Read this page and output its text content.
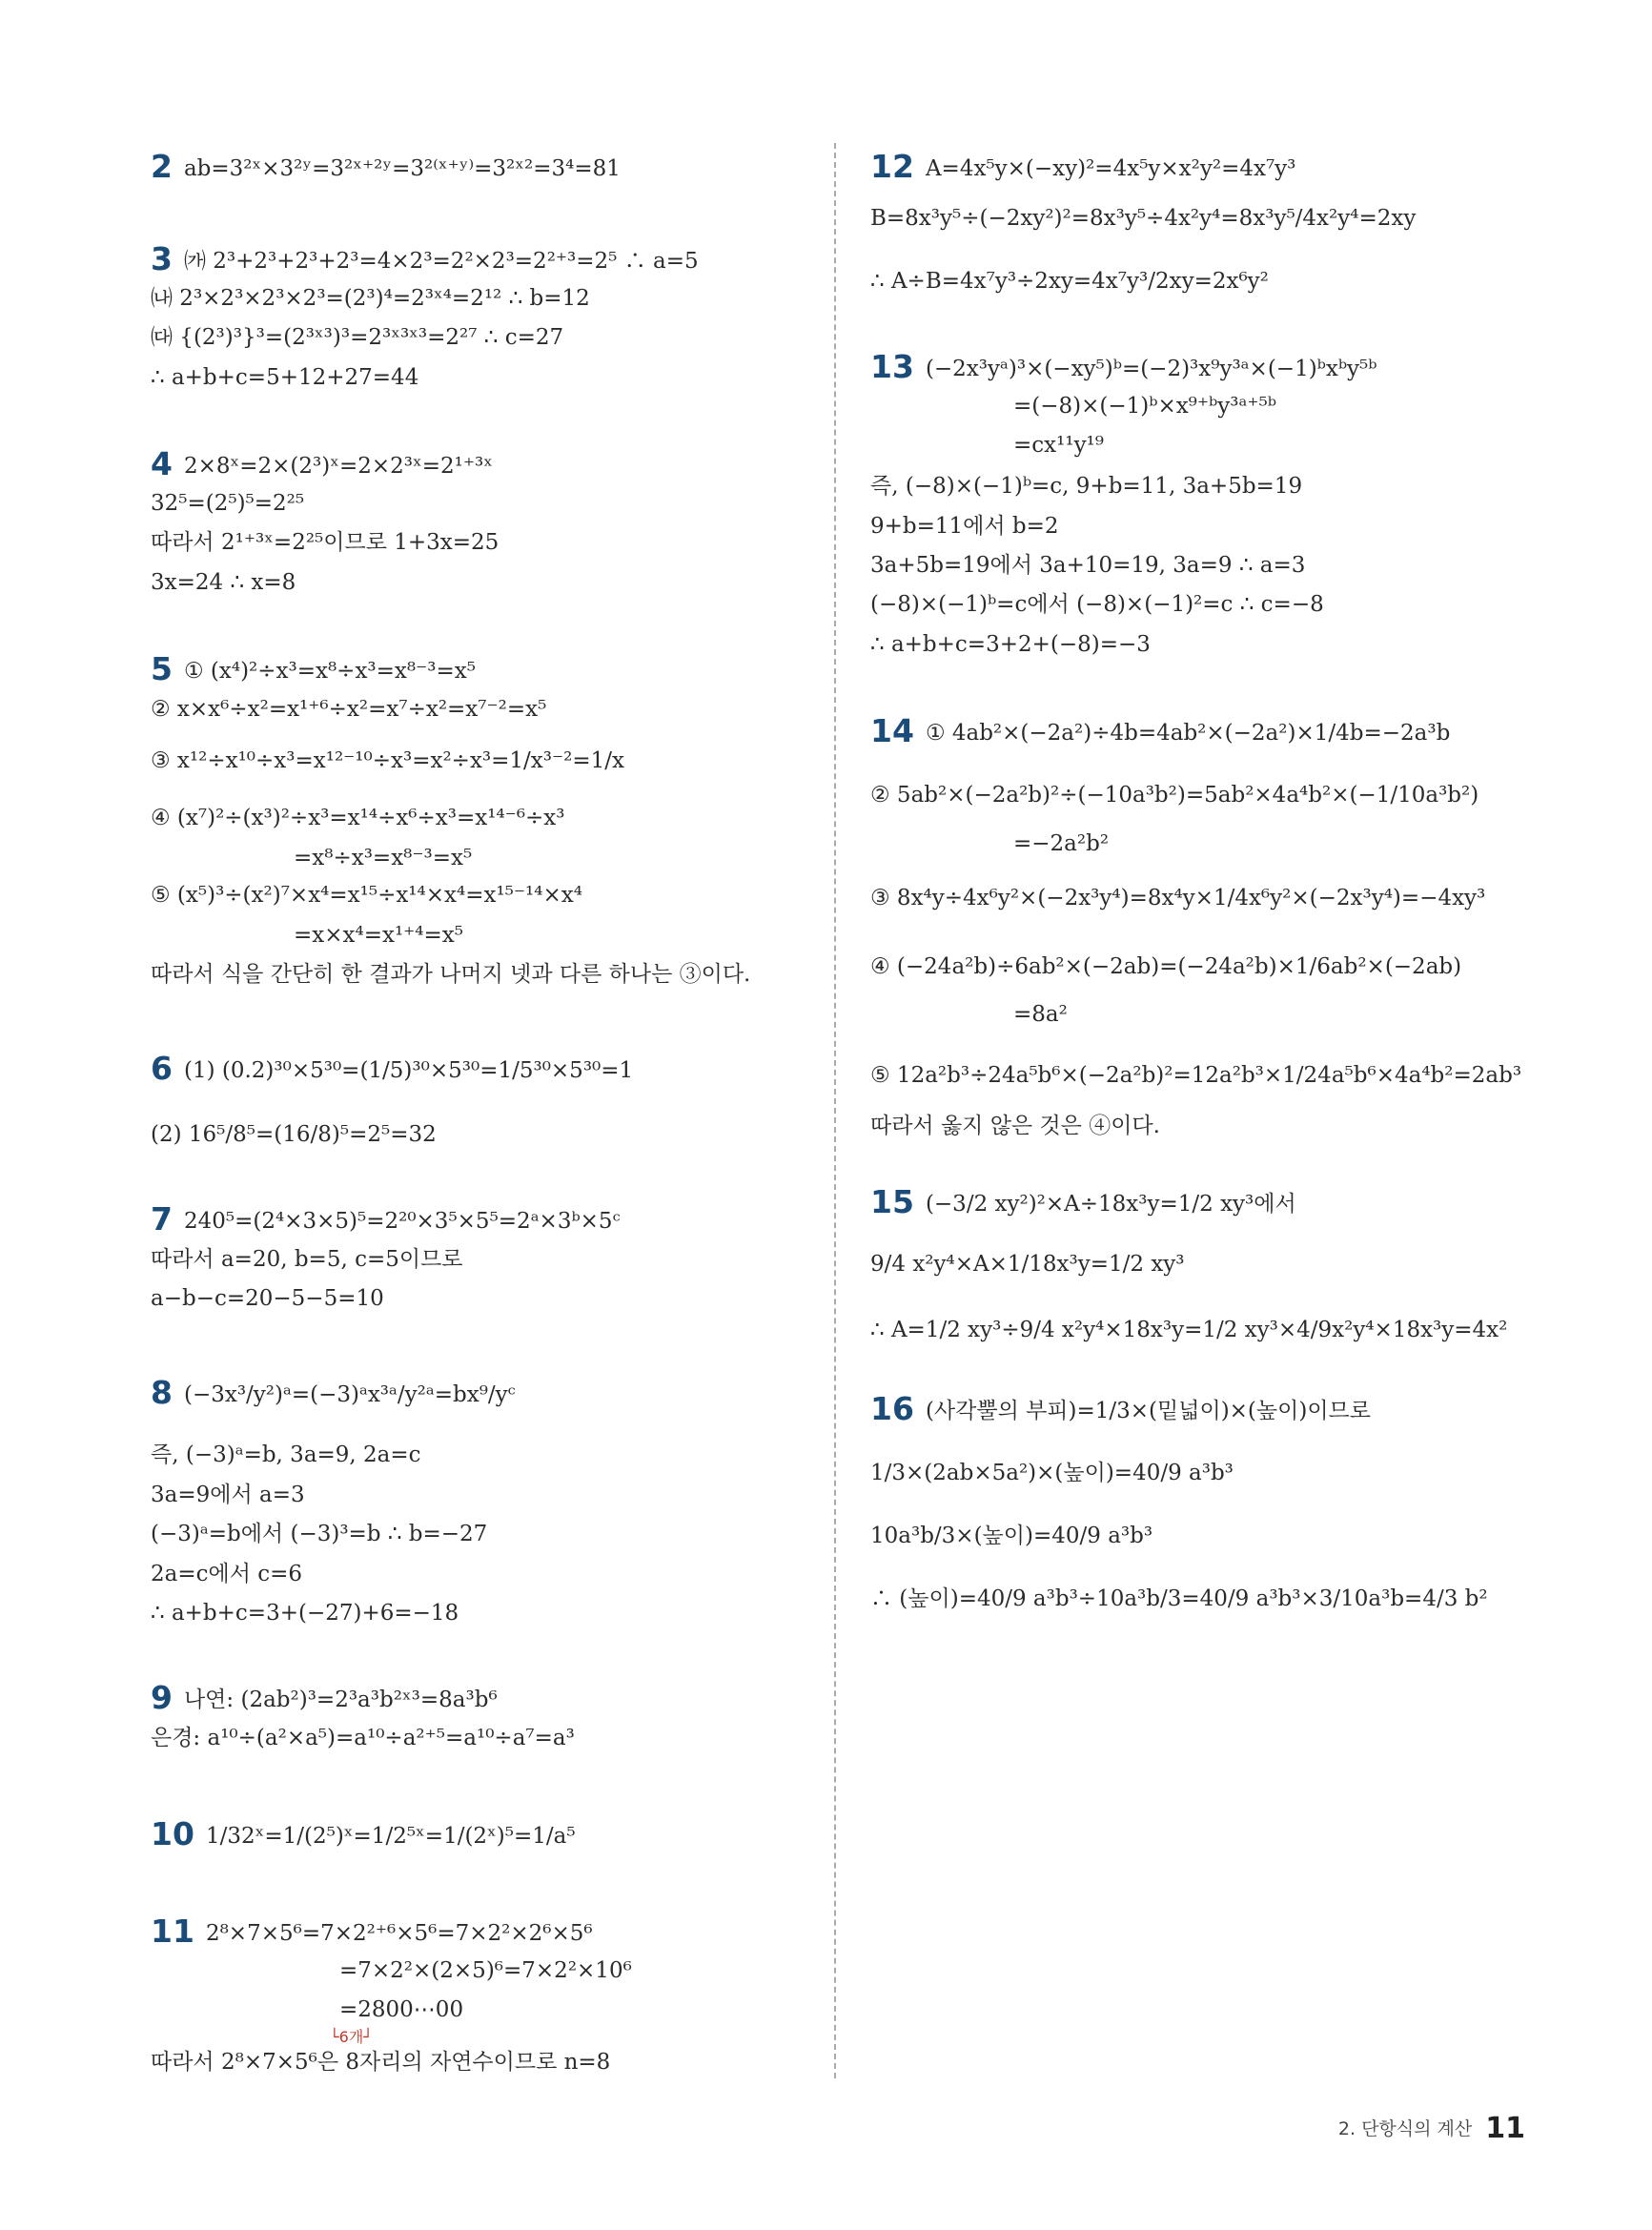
2 ab=3²ˣ×3²ʸ=3²ˣ⁺²ʸ=3²⁽ˣ⁺ʸ⁾=3²ˣ²=3⁴=81
3 ㈎ 2³+2³+2³+2³=4×2³=2²×2³=2²⁺³=2⁵ ∴ a=5
㈏ 2³×2³×2³×2³=(2³)⁴=2³ˣ⁴=2¹² ∴ b=12
㈐ {(2³)³}³=(2³ˣ³)³=2³ˣ³ˣ³=2²⁷ ∴ c=27
∴ a+b+c=5+12+27=44
4 2×8ˣ=2×(2³)ˣ=2×2³ˣ=2¹⁺³ˣ
32⁵=(2⁵)⁵=2²⁵
따라서 2¹⁺³ˣ=2²⁵이므로 1+3x=25
3x=24 ∴ x=8
5 ① (x⁴)²÷x³=x⁸÷x³=x⁸⁻³=x⁵
② x×x⁶÷x²=x¹⁺⁶÷x²=x⁷÷x²=x⁷⁻²=x⁵
③ x¹²÷x¹⁰÷x³=x¹²⁻¹⁰÷x³=x²÷x³=1/x³⁻²=1/x
④ (x⁷)²÷(x³)²÷x³=x¹⁴÷x⁶÷x³=x¹⁴⁻⁶÷x³
=x⁸÷x³=x⁸⁻³=x⁵
⑤ (x⁵)³÷(x²)⁷×x⁴=x¹⁵÷x¹⁴×x⁴=x¹⁵⁻¹⁴×x⁴
=x×x⁴=x¹⁺⁴=x⁵
따라서 식을 간단히 한 결과가 나머지 넷과 다른 하나는 ③이다.
6 (1) (0.2)³⁰×5³⁰=(1/5)³⁰×5³⁰=1/5³⁰×5³⁰=1
(2) 16⁵/8⁵=(16/8)⁵=2⁵=32
7 240⁵=(2⁴×3×5)⁵=2²⁰×3⁵×5⁵=2ᵃ×3ᵇ×5ᶜ
따라서 a=20, b=5, c=5이므로
a−b−c=20−5−5=10
8 (−3x³/y²)ᵃ=(−3)ᵃx³ᵃ/y²ᵃ=bx⁹/yᶜ
즉, (−3)ᵃ=b, 3a=9, 2a=c
3a=9에서 a=3
(−3)ᵃ=b에서 (−3)³=b ∴ b=−27
2a=c에서 c=6
∴ a+b+c=3+(−27)+6=−18
9 나연: (2ab²)³=2³a³b²ˣ³=8a³b⁶
은경: a¹⁰÷(a²×a⁵)=a¹⁰÷a²⁺⁵=a¹⁰÷a⁷=a³
10 1/32ˣ=1/(2⁵)ˣ=1/2⁵ˣ=1/(2ˣ)⁵=1/a⁵
11 2⁸×7×5⁶=7×2²⁺⁶×5⁶=7×2²×2⁶×5⁶
=7×2²×(2×5)⁶=7×2²×10⁶
=2800⋯00
└6개┘
따라서 2⁸×7×5⁶은 8자리의 자연수이므로 n=8
12 A=4x⁵y×(−xy)²=4x⁵y×x²y²=4x⁷y³
B=8x³y⁵÷(−2xy²)²=8x³y⁵÷4x²y⁴=8x³y⁵/4x²y⁴=2xy
∴ A÷B=4x⁷y³÷2xy=4x⁷y³/2xy=2x⁶y²
13 (−2x³yᵃ)³×(−xy⁵)ᵇ=(−2)³x⁹y³ᵃ×(−1)ᵇxᵇy⁵ᵇ
=(−8)×(−1)ᵇ×x⁹⁺ᵇy³ᵃ⁺⁵ᵇ
=cx¹¹y¹⁹
즉, (−8)×(−1)ᵇ=c, 9+b=11, 3a+5b=19
9+b=11에서 b=2
3a+5b=19에서 3a+10=19, 3a=9 ∴ a=3
(−8)×(−1)ᵇ=c에서 (−8)×(−1)²=c ∴ c=−8
∴ a+b+c=3+2+(−8)=−3
14 ① 4ab²×(−2a²)÷4b=4ab²×(−2a²)×1/4b=−2a³b
② 5ab²×(−2a²b)²÷(−10a³b²)=5ab²×4a⁴b²×(−1/10a³b²)
=−2a²b²
③ 8x⁴y÷4x⁶y²×(−2x³y⁴)=8x⁴y×1/4x⁶y²×(−2x³y⁴)=−4xy³
④ (−24a²b)÷6ab²×(−2ab)=(−24a²b)×1/6ab²×(−2ab)
=8a²
⑤ 12a²b³÷24a⁵b⁶×(−2a²b)²=12a²b³×1/24a⁵b⁶×4a⁴b²=2ab³
따라서 옳지 않은 것은 ④이다.
15 (−3/2 xy²)²×A÷18x³y=1/2 xy³에서
9/4 x²y⁴×A×1/18x³y=1/2 xy³
∴ A=1/2 xy³÷9/4 x²y⁴×18x³y=1/2 xy³×4/9x²y⁴×18x³y=4x²
16 (사각뿔의 부피)=1/3×(밑넓이)×(높이)이므로
1/3×(2ab×5a²)×(높이)=40/9 a³b³
10a³b/3×(높이)=40/9 a³b³
∴ (높이)=40/9 a³b³÷10a³b/3=40/9 a³b³×3/10a³b=4/3 b²
2. 단항식의 계산 11
